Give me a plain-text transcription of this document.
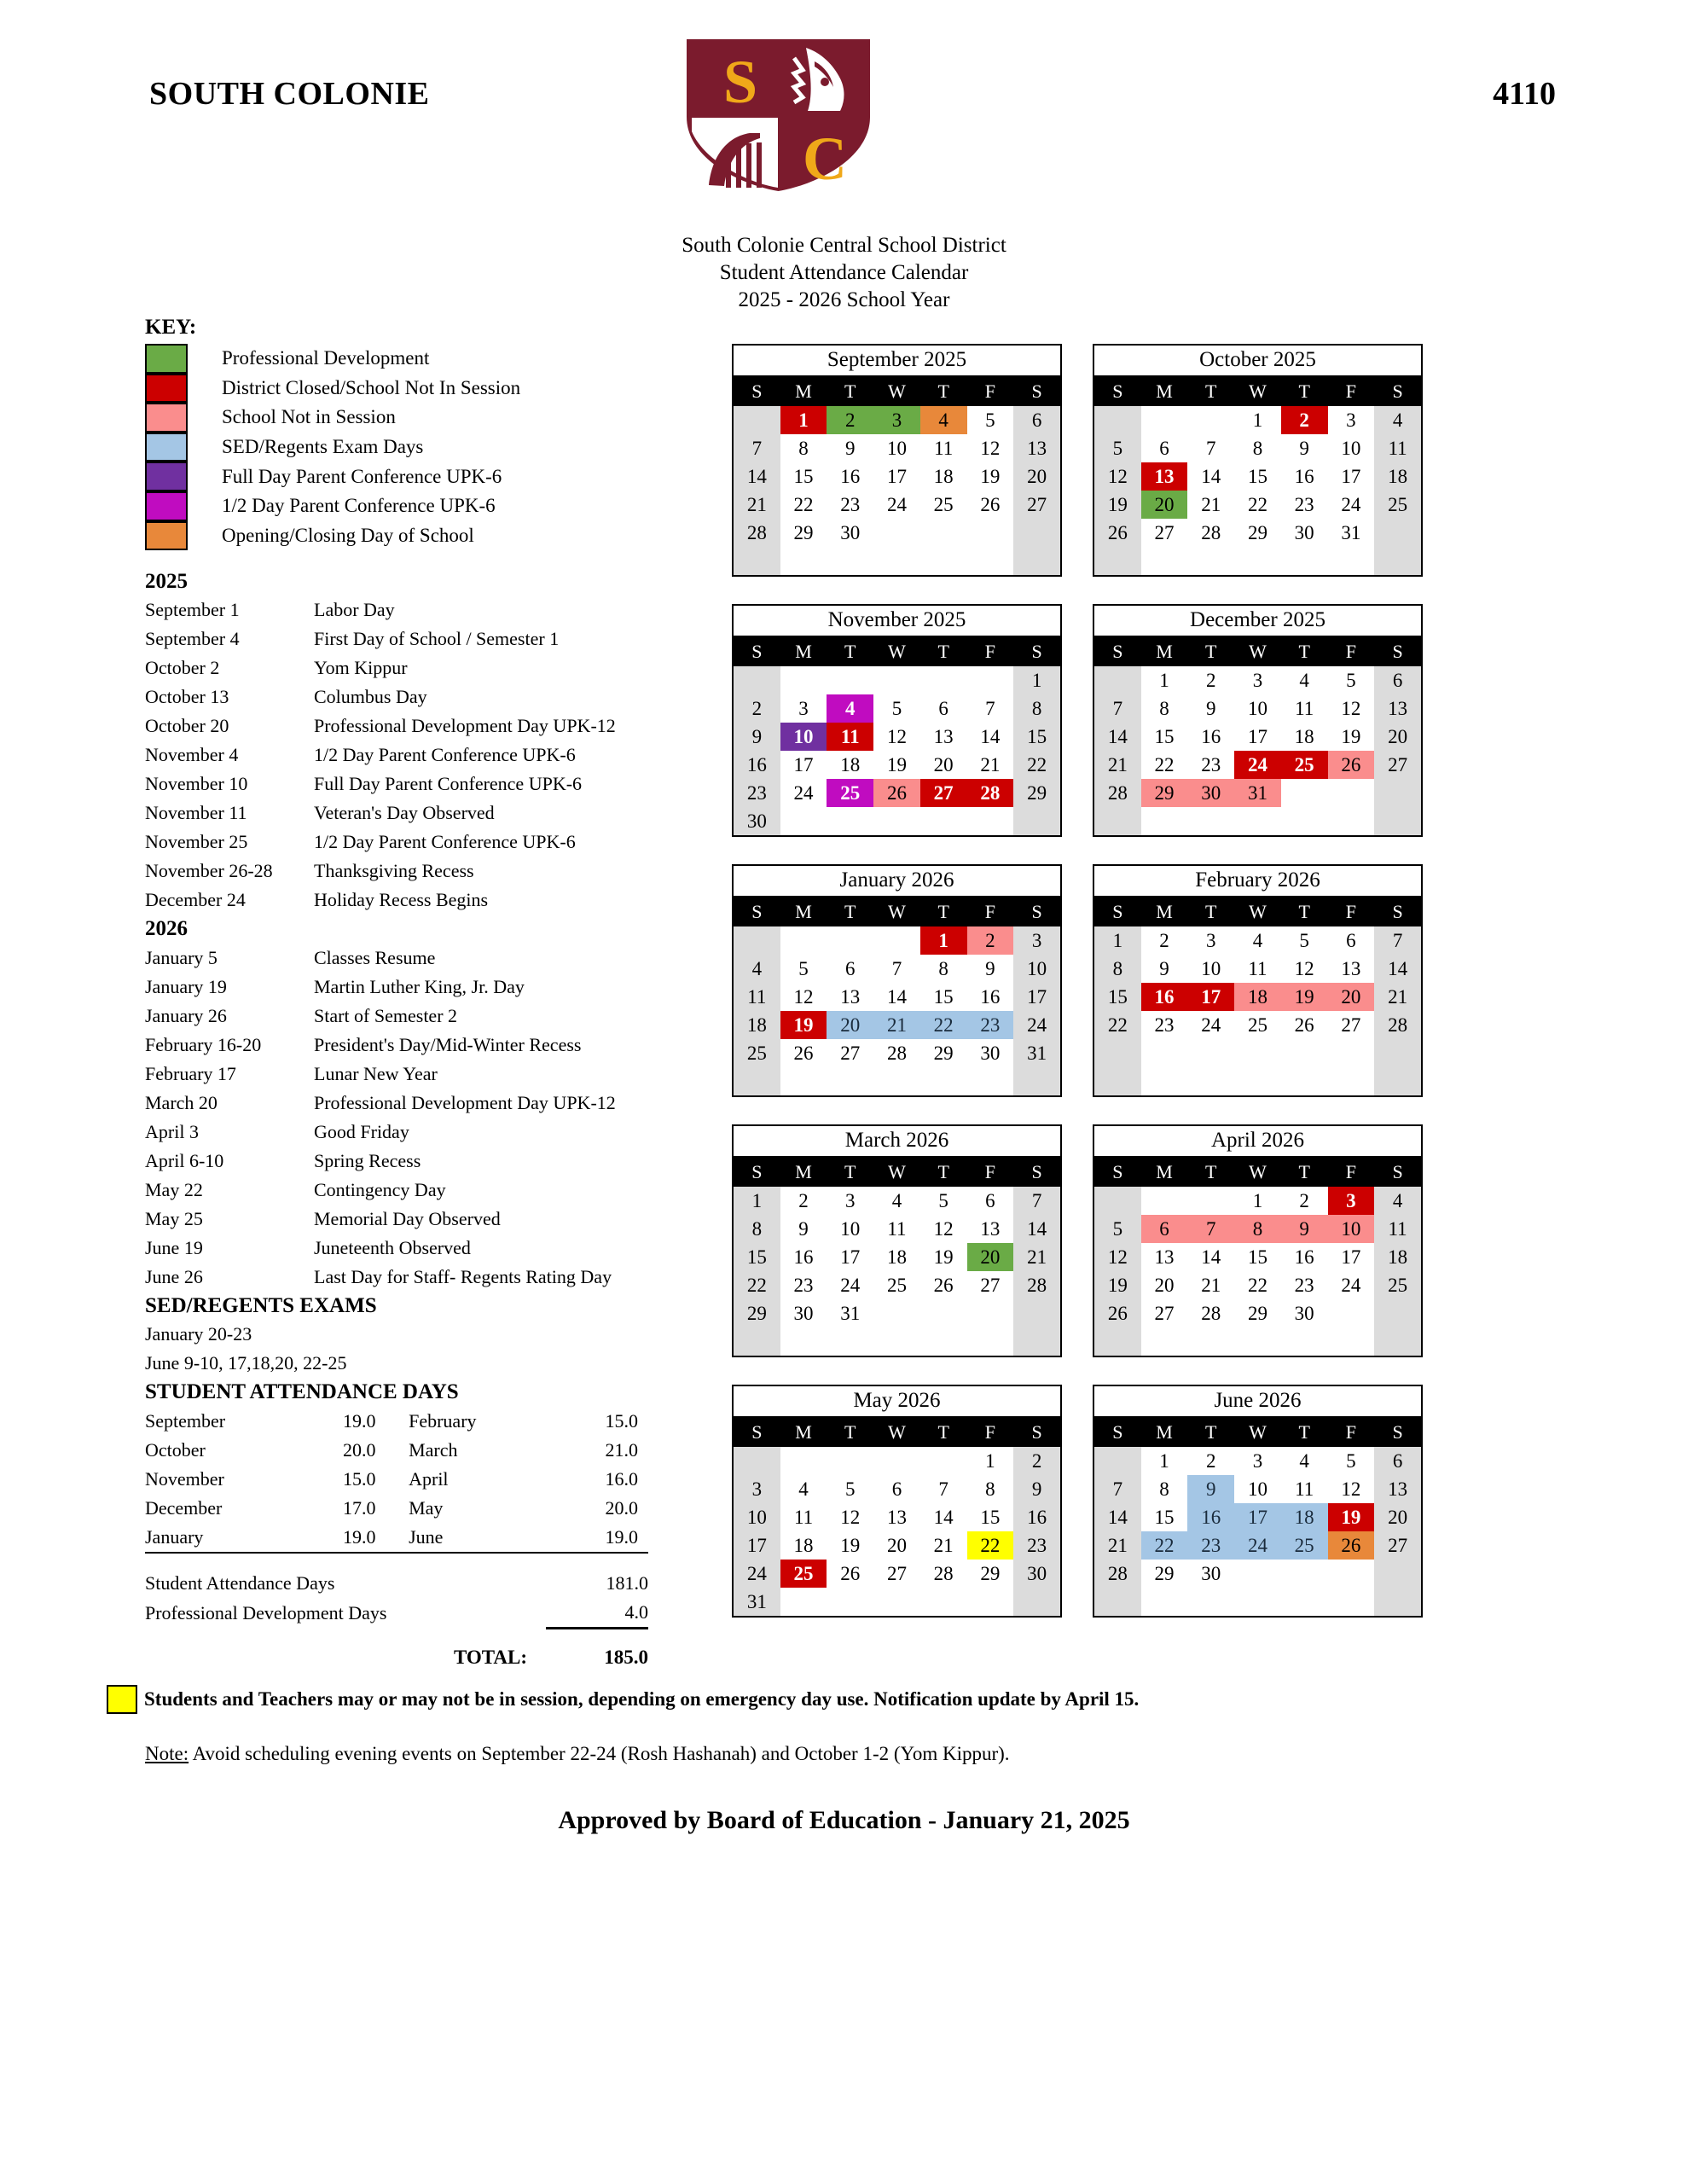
SOUTH COLONIE	4110
S
C
South Colonie Central School District
Student Attendance Calendar
2025 - 2026 School Year
KEY:
Professional Development
District Closed/School Not In Session
School Not in Session
SED/Regents Exam Days
Full Day Parent Conference UPK-6
1/2 Day Parent Conference UPK-6
Opening/Closing Day of School
2025
September 1	Labor Day
September 4	First Day of School / Semester 1
October 2	Yom Kippur
October 13	Columbus Day
October 20	Professional Development Day UPK-12
November 4	1/2 Day Parent Conference UPK-6
November 10	Full Day Parent Conference UPK-6
November 11	Veteran's Day Observed
November 25	1/2 Day Parent Conference UPK-6
November 26-28	Thanksgiving Recess
December 24	Holiday Recess Begins
2026
January 5	Classes Resume
January 19	Martin Luther King, Jr. Day
January 26	Start of Semester 2
February 16-20	President's Day/Mid-Winter Recess
February 17	Lunar New Year
March 20	Professional Development Day UPK-12
April 3	Good Friday
April 6-10	Spring Recess
May 22	Contingency Day
May 25	Memorial Day Observed
June 19	Juneteenth Observed
June 26	Last Day for Staff- Regents Rating Day
SED/REGENTS EXAMS
January 20-23
June 9-10, 17,18,20, 22-25
STUDENT ATTENDANCE DAYS
September	19.0		February	15.0
October	20.0		March	21.0
November	15.0		April	16.0
December	17.0		May	20.0
January	19.0		June	19.0
Student Attendance Days	181.0
Professional Development Days	4.0
TOTAL:	185.0
September 2025
S	M	T	W	T	F	S
	1	2	3	4	5	6
7	8	9	10	11	12	13
14	15	16	17	18	19	20
21	22	23	24	25	26	27
28	29	30				

October 2025
S	M	T	W	T	F	S
			1	2	3	4
5	6	7	8	9	10	11
12	13	14	15	16	17	18
19	20	21	22	23	24	25
26	27	28	29	30	31	

November 2025
S	M	T	W	T	F	S
						1
2	3	4	5	6	7	8
9	10	11	12	13	14	15
16	17	18	19	20	21	22
23	24	25	26	27	28	29
30						
December 2025
S	M	T	W	T	F	S
	1	2	3	4	5	6
7	8	9	10	11	12	13
14	15	16	17	18	19	20
21	22	23	24	25	26	27
28	29	30	31			

January 2026
S	M	T	W	T	F	S
				1	2	3
4	5	6	7	8	9	10
11	12	13	14	15	16	17
18	19	20	21	22	23	24
25	26	27	28	29	30	31

February 2026
S	M	T	W	T	F	S
1	2	3	4	5	6	7
8	9	10	11	12	13	14
15	16	17	18	19	20	21
22	23	24	25	26	27	28

March 2026
S	M	T	W	T	F	S
1	2	3	4	5	6	7
8	9	10	11	12	13	14
15	16	17	18	19	20	21
22	23	24	25	26	27	28
29	30	31				

April 2026
S	M	T	W	T	F	S
			1	2	3	4
5	6	7	8	9	10	11
12	13	14	15	16	17	18
19	20	21	22	23	24	25
26	27	28	29	30		

May 2026
S	M	T	W	T	F	S
					1	2
3	4	5	6	7	8	9
10	11	12	13	14	15	16
17	18	19	20	21	22	23
24	25	26	27	28	29	30
31						
June 2026
S	M	T	W	T	F	S
	1	2	3	4	5	6
7	8	9	10	11	12	13
14	15	16	17	18	19	20
21	22	23	24	25	26	27
28	29	30				

Students and Teachers may or may not be in session, depending on emergency day use. Notification update by April 15.
Note: Avoid scheduling evening events on September 22-24 (Rosh Hashanah) and October 1-2 (Yom Kippur).
Approved by Board of Education - January 21, 2025
